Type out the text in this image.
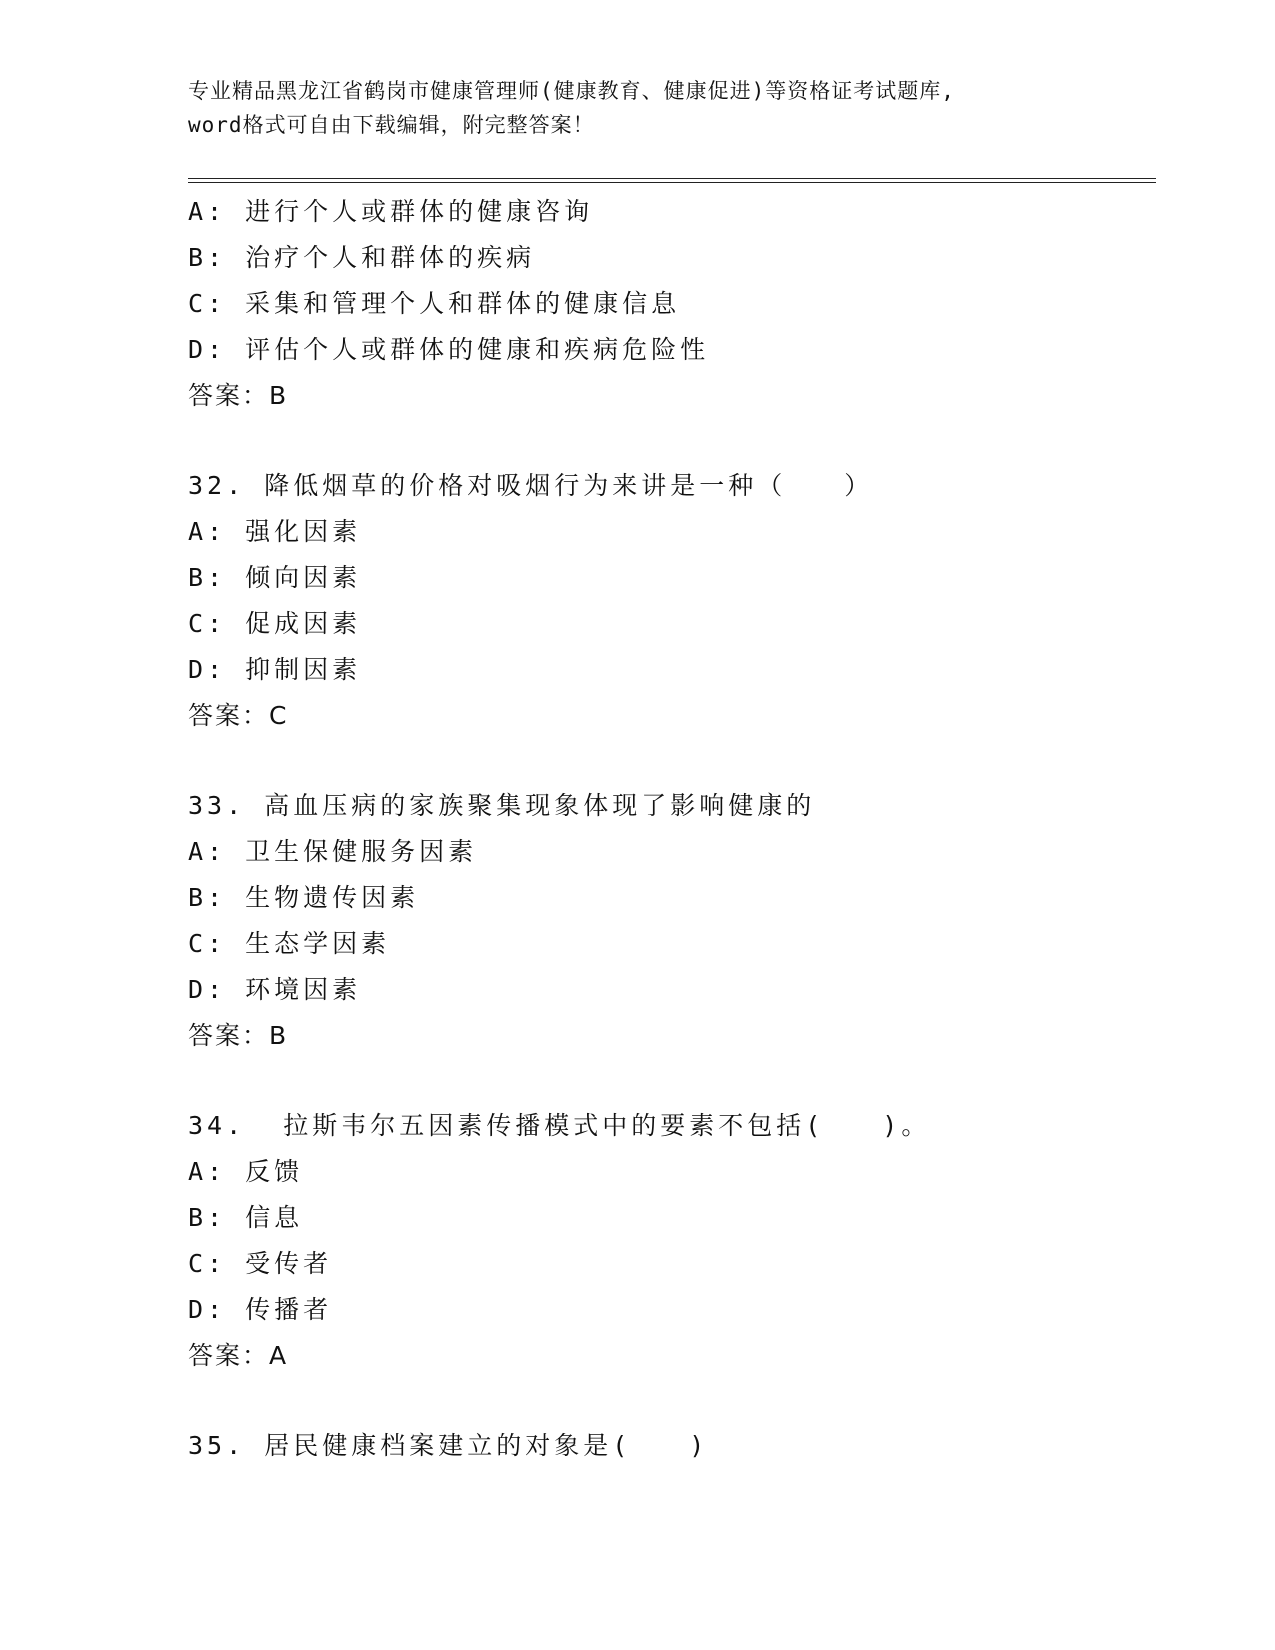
专业精品黑龙江省鹤岗市健康管理师(健康教育、健康促进)等资格证考试题库,
word格式可自由下载编辑，附完整答案！
A: 进行个人或群体的健康咨询
B: 治疗个人和群体的疾病
C: 采集和管理个人和群体的健康信息
D: 评估个人或群体的健康和疾病危险性
答案：B
32. 降低烟草的价格对吸烟行为来讲是一种（　　）
A: 强化因素
B: 倾向因素
C: 促成因素
D: 抑制因素
答案：C
33. 高血压病的家族聚集现象体现了影响健康的
A: 卫生保健服务因素
B: 生物遗传因素
C: 生态学因素
D: 环境因素
答案：B
34.  拉斯韦尔五因素传播模式中的要素不包括(　　)。
A: 反馈
B: 信息
C: 受传者
D: 传播者
答案：A
35. 居民健康档案建立的对象是(　　)
